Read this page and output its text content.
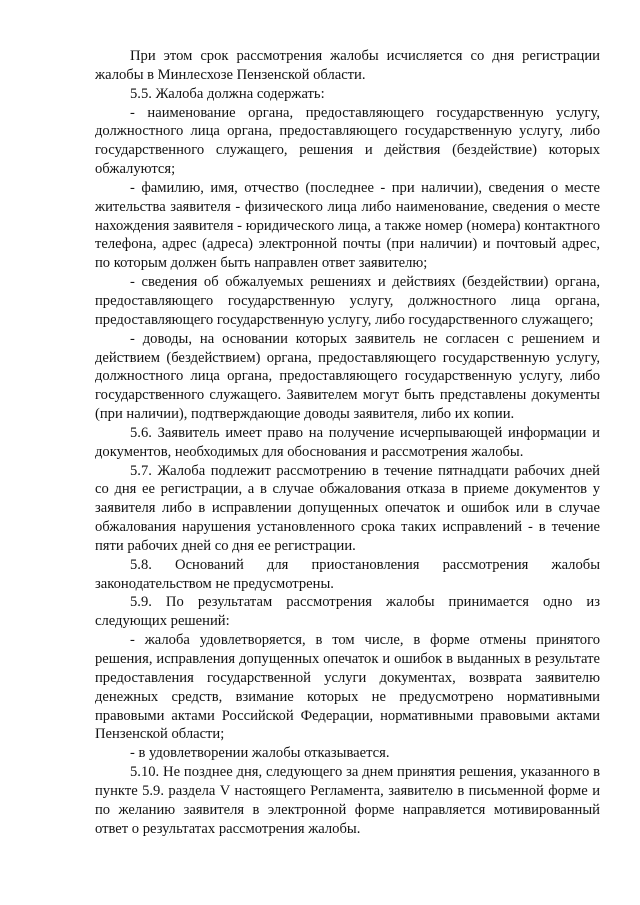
При этом срок рассмотрения жалобы исчисляется со дня регистрации жалобы в Минлесхозе Пензенской области.

5.5. Жалоба должна содержать:

- наименование органа, предоставляющего государственную услугу, должностного лица органа, предоставляющего государственную услугу, либо государственного служащего, решения и действия (бездействие) которых обжалуются;

- фамилию, имя, отчество (последнее - при наличии), сведения о месте жительства заявителя - физического лица либо наименование, сведения о месте нахождения заявителя - юридического лица, а также номер (номера) контактного телефона, адрес (адреса) электронной почты (при наличии) и почтовый адрес, по которым должен быть направлен ответ заявителю;

- сведения об обжалуемых решениях и действиях (бездействии) органа, предоставляющего государственную услугу, должностного лица органа, предоставляющего государственную услугу, либо государственного служащего;

- доводы, на основании которых заявитель не согласен с решением и действием (бездействием) органа, предоставляющего государственную услугу, должностного лица органа, предоставляющего государственную услугу, либо государственного служащего. Заявителем могут быть представлены документы (при наличии), подтверждающие доводы заявителя, либо их копии.

5.6. Заявитель имеет право на получение исчерпывающей информации и документов, необходимых для обоснования и рассмотрения жалобы.

5.7. Жалоба подлежит рассмотрению в течение пятнадцати рабочих дней со дня ее регистрации, а в случае обжалования отказа в приеме документов у заявителя либо в исправлении допущенных опечаток и ошибок или в случае обжалования нарушения установленного срока таких исправлений - в течение пяти рабочих дней со дня ее регистрации.

5.8. Оснований для приостановления рассмотрения жалобы законодательством не предусмотрены.

5.9. По результатам рассмотрения жалобы принимается одно из следующих решений:

- жалоба удовлетворяется, в том числе, в форме отмены принятого решения, исправления допущенных опечаток и ошибок в выданных в результате предоставления государственной услуги документах, возврата заявителю денежных средств, взимание которых не предусмотрено нормативными правовыми актами Российской Федерации, нормативными правовыми актами Пензенской области;

- в удовлетворении жалобы отказывается.

5.10. Не позднее дня, следующего за днем принятия решения, указанного в пункте 5.9. раздела V настоящего Регламента, заявителю в письменной форме и по желанию заявителя в электронной форме направляется мотивированный ответ о результатах рассмотрения жалобы.
